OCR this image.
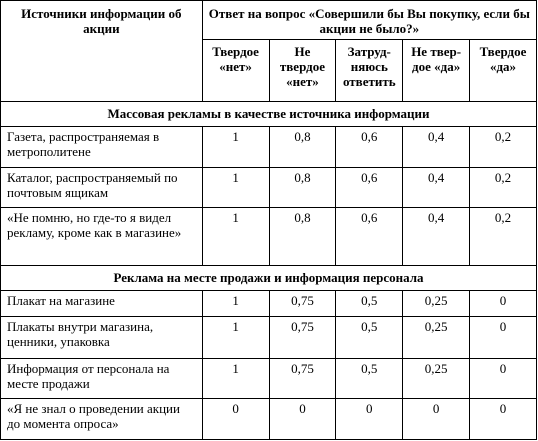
Источники информации об акции	Ответ на вопрос «Совершили бы Вы покупку, если бы акции не было?»				
	Твердое «нет»	Не твердое «нет»	Затруд-няюсь ответить	Не твер-дое «да»	Твердое «да»
Массовая рекламы в качестве источника информации					
Газета, распространяемая в метрополитене	1	0,8	0,6	0,4	0,2
Каталог, распространяемый по почтовым ящикам	1	0,8	0,6	0,4	0,2
«Не помню, но где-то я видел рекламу, кроме как в магазине»	1	0,8	0,6	0,4	0,2
Реклама на месте продажи и информация персонала					
Плакат на магазине	1	0,75	0,5	0,25	0
Плакаты внутри магазина, ценники, упаковка	1	0,75	0,5	0,25	0
Информация от персонала на месте продажи	1	0,75	0,5	0,25	0
«Я не знал о проведении акции до момента опроса»	0	0	0	0	0
